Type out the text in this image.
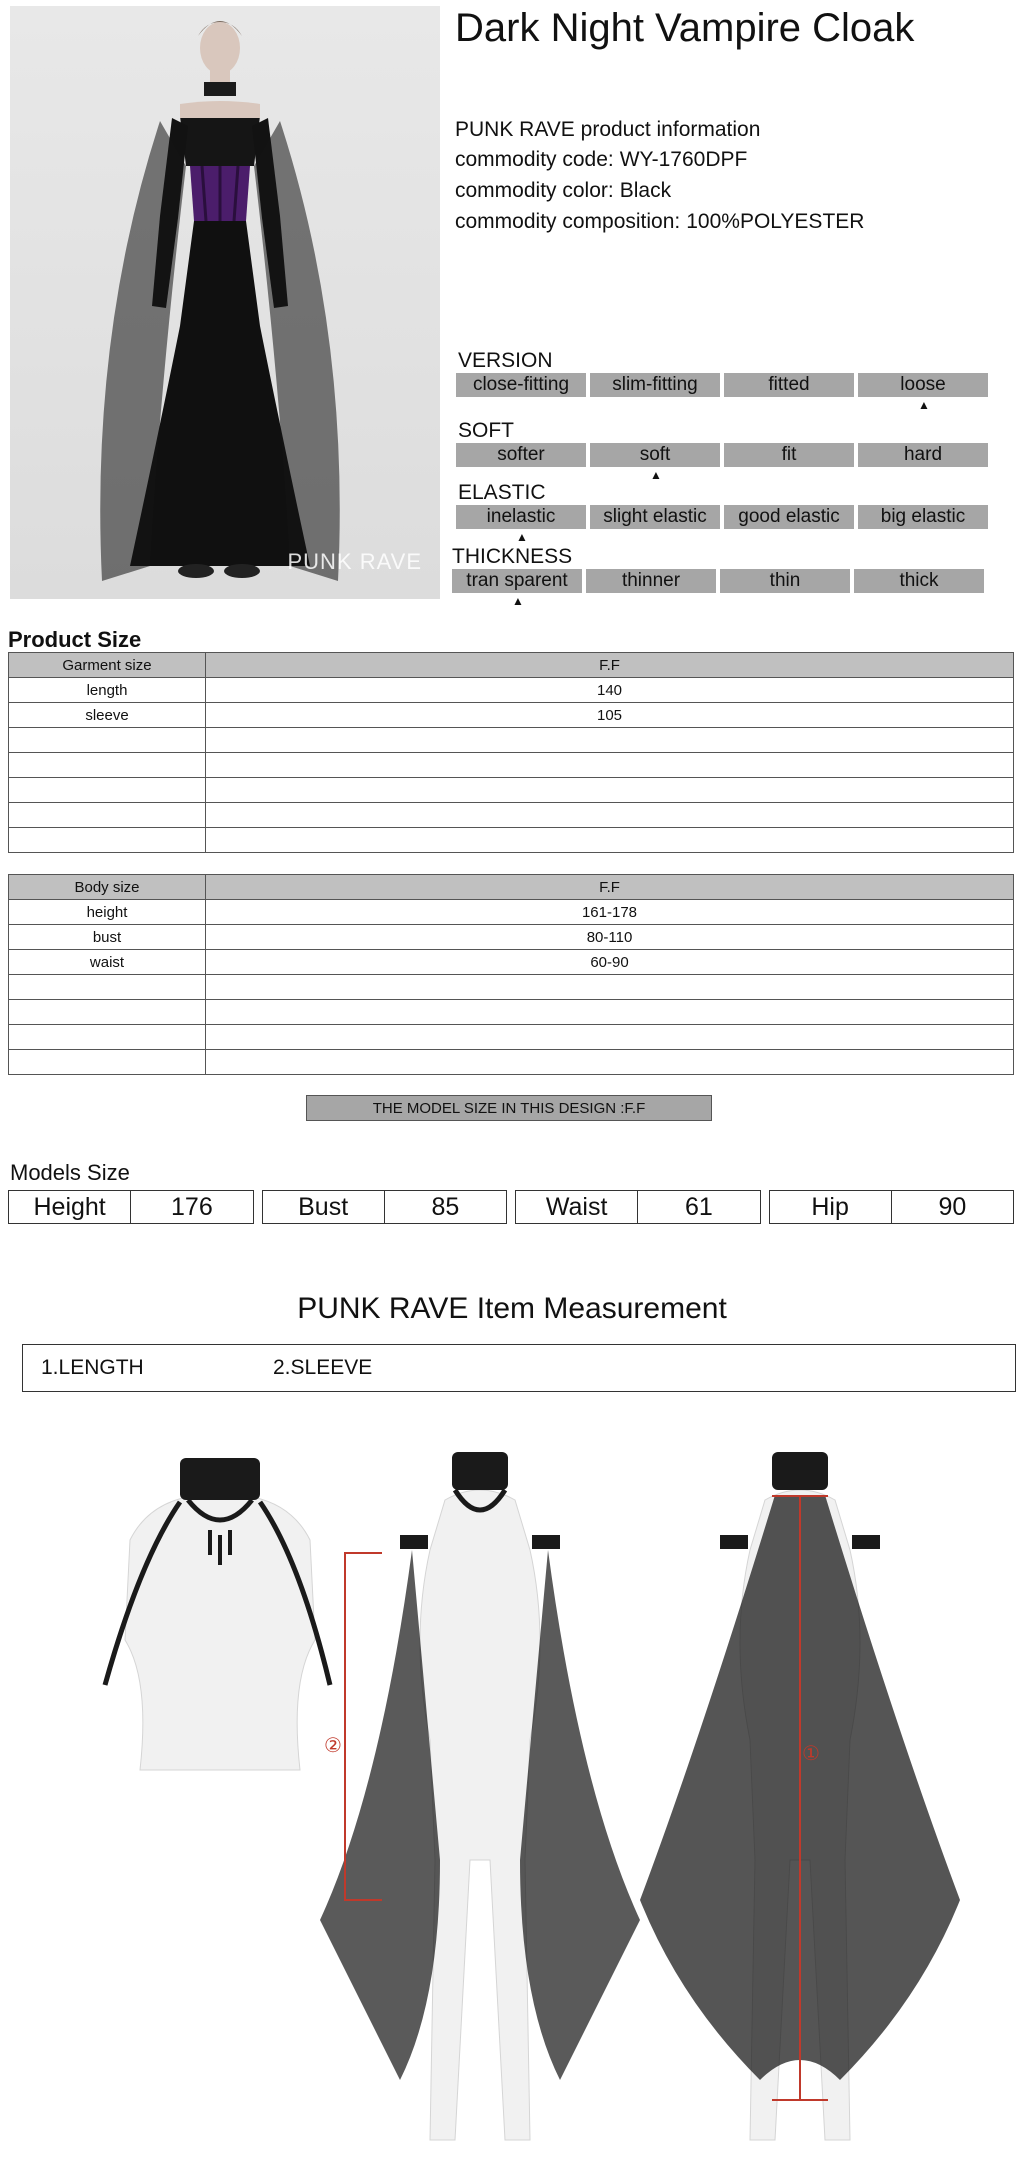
PUNK RAVE
Dark Night Vampire Cloak
PUNK RAVE product information
commodity code: WY-1760DPF
commodity color: Black
commodity composition: 100%POLYESTER
VERSION
close-fitting	slim-fitting	fitted	loose
SOFT
softer	soft	fit	hard
ELASTIC
inelastic	slight elastic	good elastic	big elastic
THICKNESS
tran sparent	thinner	thin	thick
Product Size
Garment size	F.F
length	140
sleeve	105

Body size	F.F
height	161-178
bust	80-110
waist	60-90

THE MODEL SIZE IN THIS DESIGN :F.F
Models Size
Height	176	Bust	85	Waist	61	Hip	90
PUNK RAVE Item Measurement
1.LENGTH	2.SLEEVE
②	①
▲
▲
▲
▲
